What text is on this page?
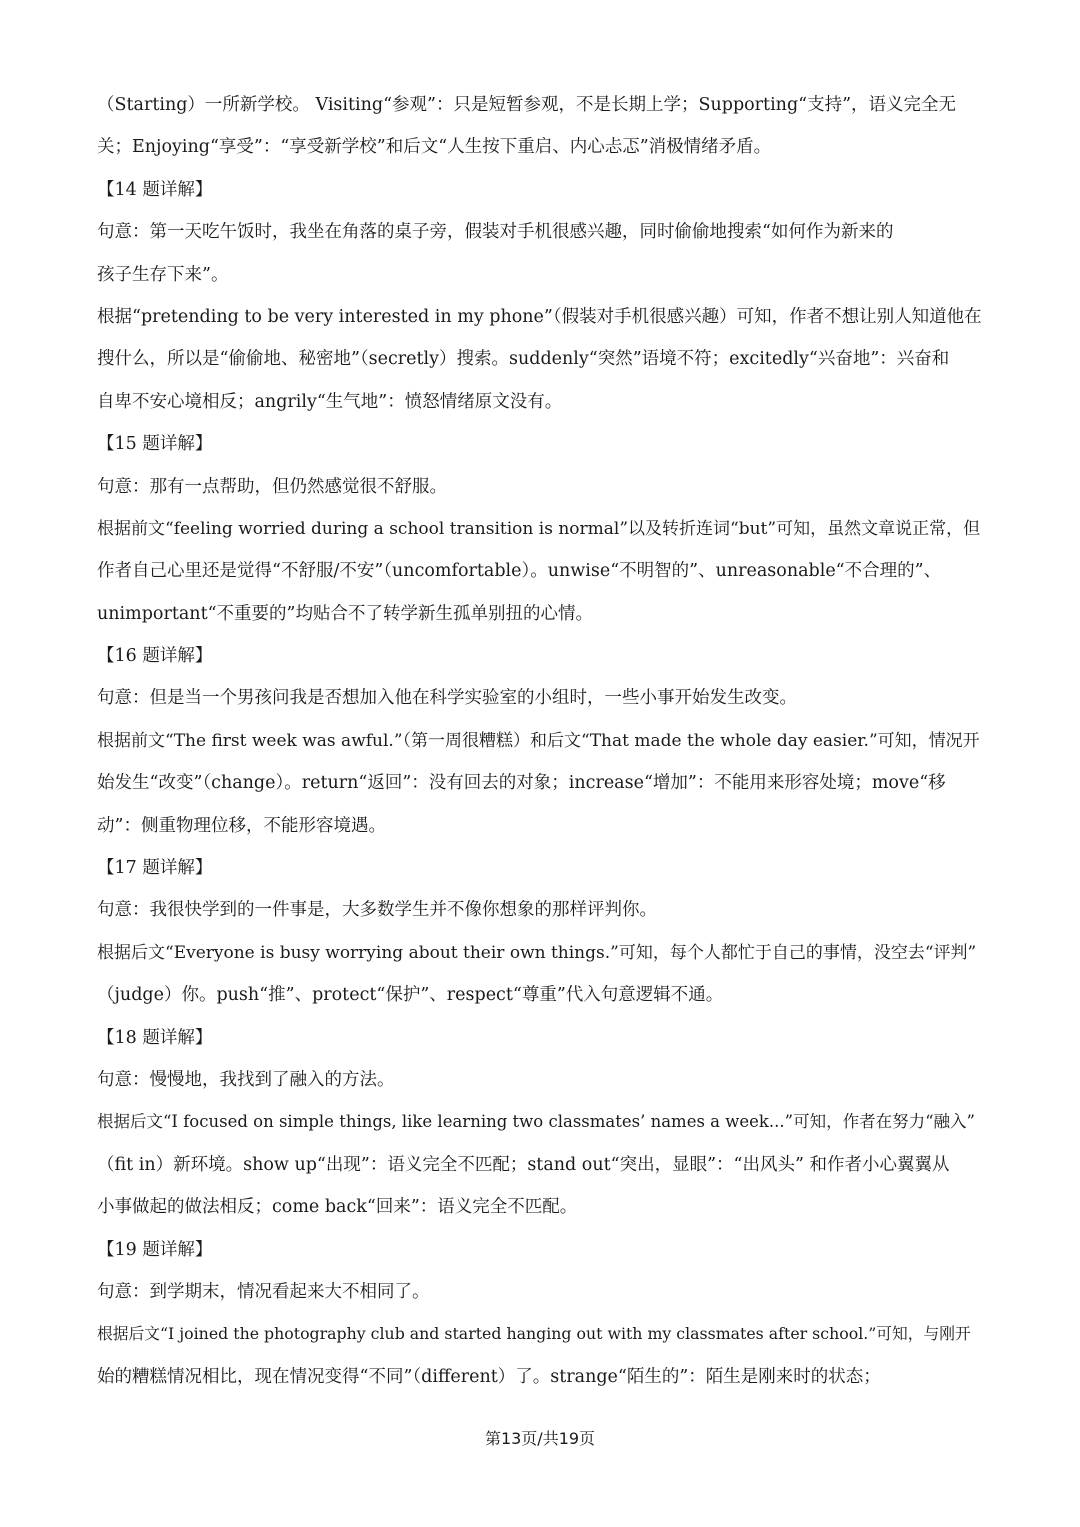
（Starting）一所新学校。 Visiting“参观”：只是短暂参观，不是长期上学；Supporting“支持”，语义完全无
关；Enjoying“享受”：“享受新学校”和后文“人生按下重启、内心忐忑”消极情绪矛盾。
【14 题详解】
句意：第一天吃午饭时，我坐在角落的桌子旁，假装对手机很感兴趣，同时偷偷地搜索“如何作为新来的
孩子生存下来”。
根据“pretending to be very interested in my phone”（假装对手机很感兴趣）可知，作者不想让别人知道他在
搜什么，所以是“偷偷地、秘密地”（secretly）搜索。suddenly“突然”语境不符；excitedly“兴奋地”：兴奋和
自卑不安心境相反；angrily“生气地”：愤怒情绪原文没有。
【15 题详解】
句意：那有一点帮助，但仍然感觉很不舒服。
根据前文“feeling worried during a school transition is normal”以及转折连词“but”可知，虽然文章说正常，但
作者自己心里还是觉得“不舒服/不安”（uncomfortable）。unwise“不明智的”、unreasonable“不合理的”、
unimportant“不重要的”均贴合不了转学新生孤单别扭的心情。
【16 题详解】
句意：但是当一个男孩问我是否想加入他在科学实验室的小组时，一些小事开始发生改变。
根据前文“The first week was awful.”（第一周很糟糕）和后文“That made the whole day easier.”可知，情况开
始发生“改变”（change）。return“返回”：没有回去的对象；increase“增加”：不能用来形容处境；move“移
动”：侧重物理位移，不能形容境遇。
【17 题详解】
句意：我很快学到的一件事是，大多数学生并不像你想象的那样评判你。
根据后文“Everyone is busy worrying about their own things.”可知，每个人都忙于自己的事情，没空去“评判”
（judge）你。push“推”、protect“保护”、respect“尊重”代入句意逻辑不通。
【18 题详解】
句意：慢慢地，我找到了融入的方法。
根据后文“I focused on simple things, like learning two classmates’ names a week...”可知，作者在努力“融入”
（fit in）新环境。show up“出现”：语义完全不匹配；stand out“突出，显眼”：“出风头” 和作者小心翼翼从
小事做起的做法相反；come back“回来”：语义完全不匹配。
【19 题详解】
句意：到学期末，情况看起来大不相同了。
根据后文“I joined the photography club and started hanging out with my classmates after school.”可知，与刚开
始的糟糕情况相比，现在情况变得“不同”（different）了。strange“陌生的”：陌生是刚来时的状态；
第13页/共19页
